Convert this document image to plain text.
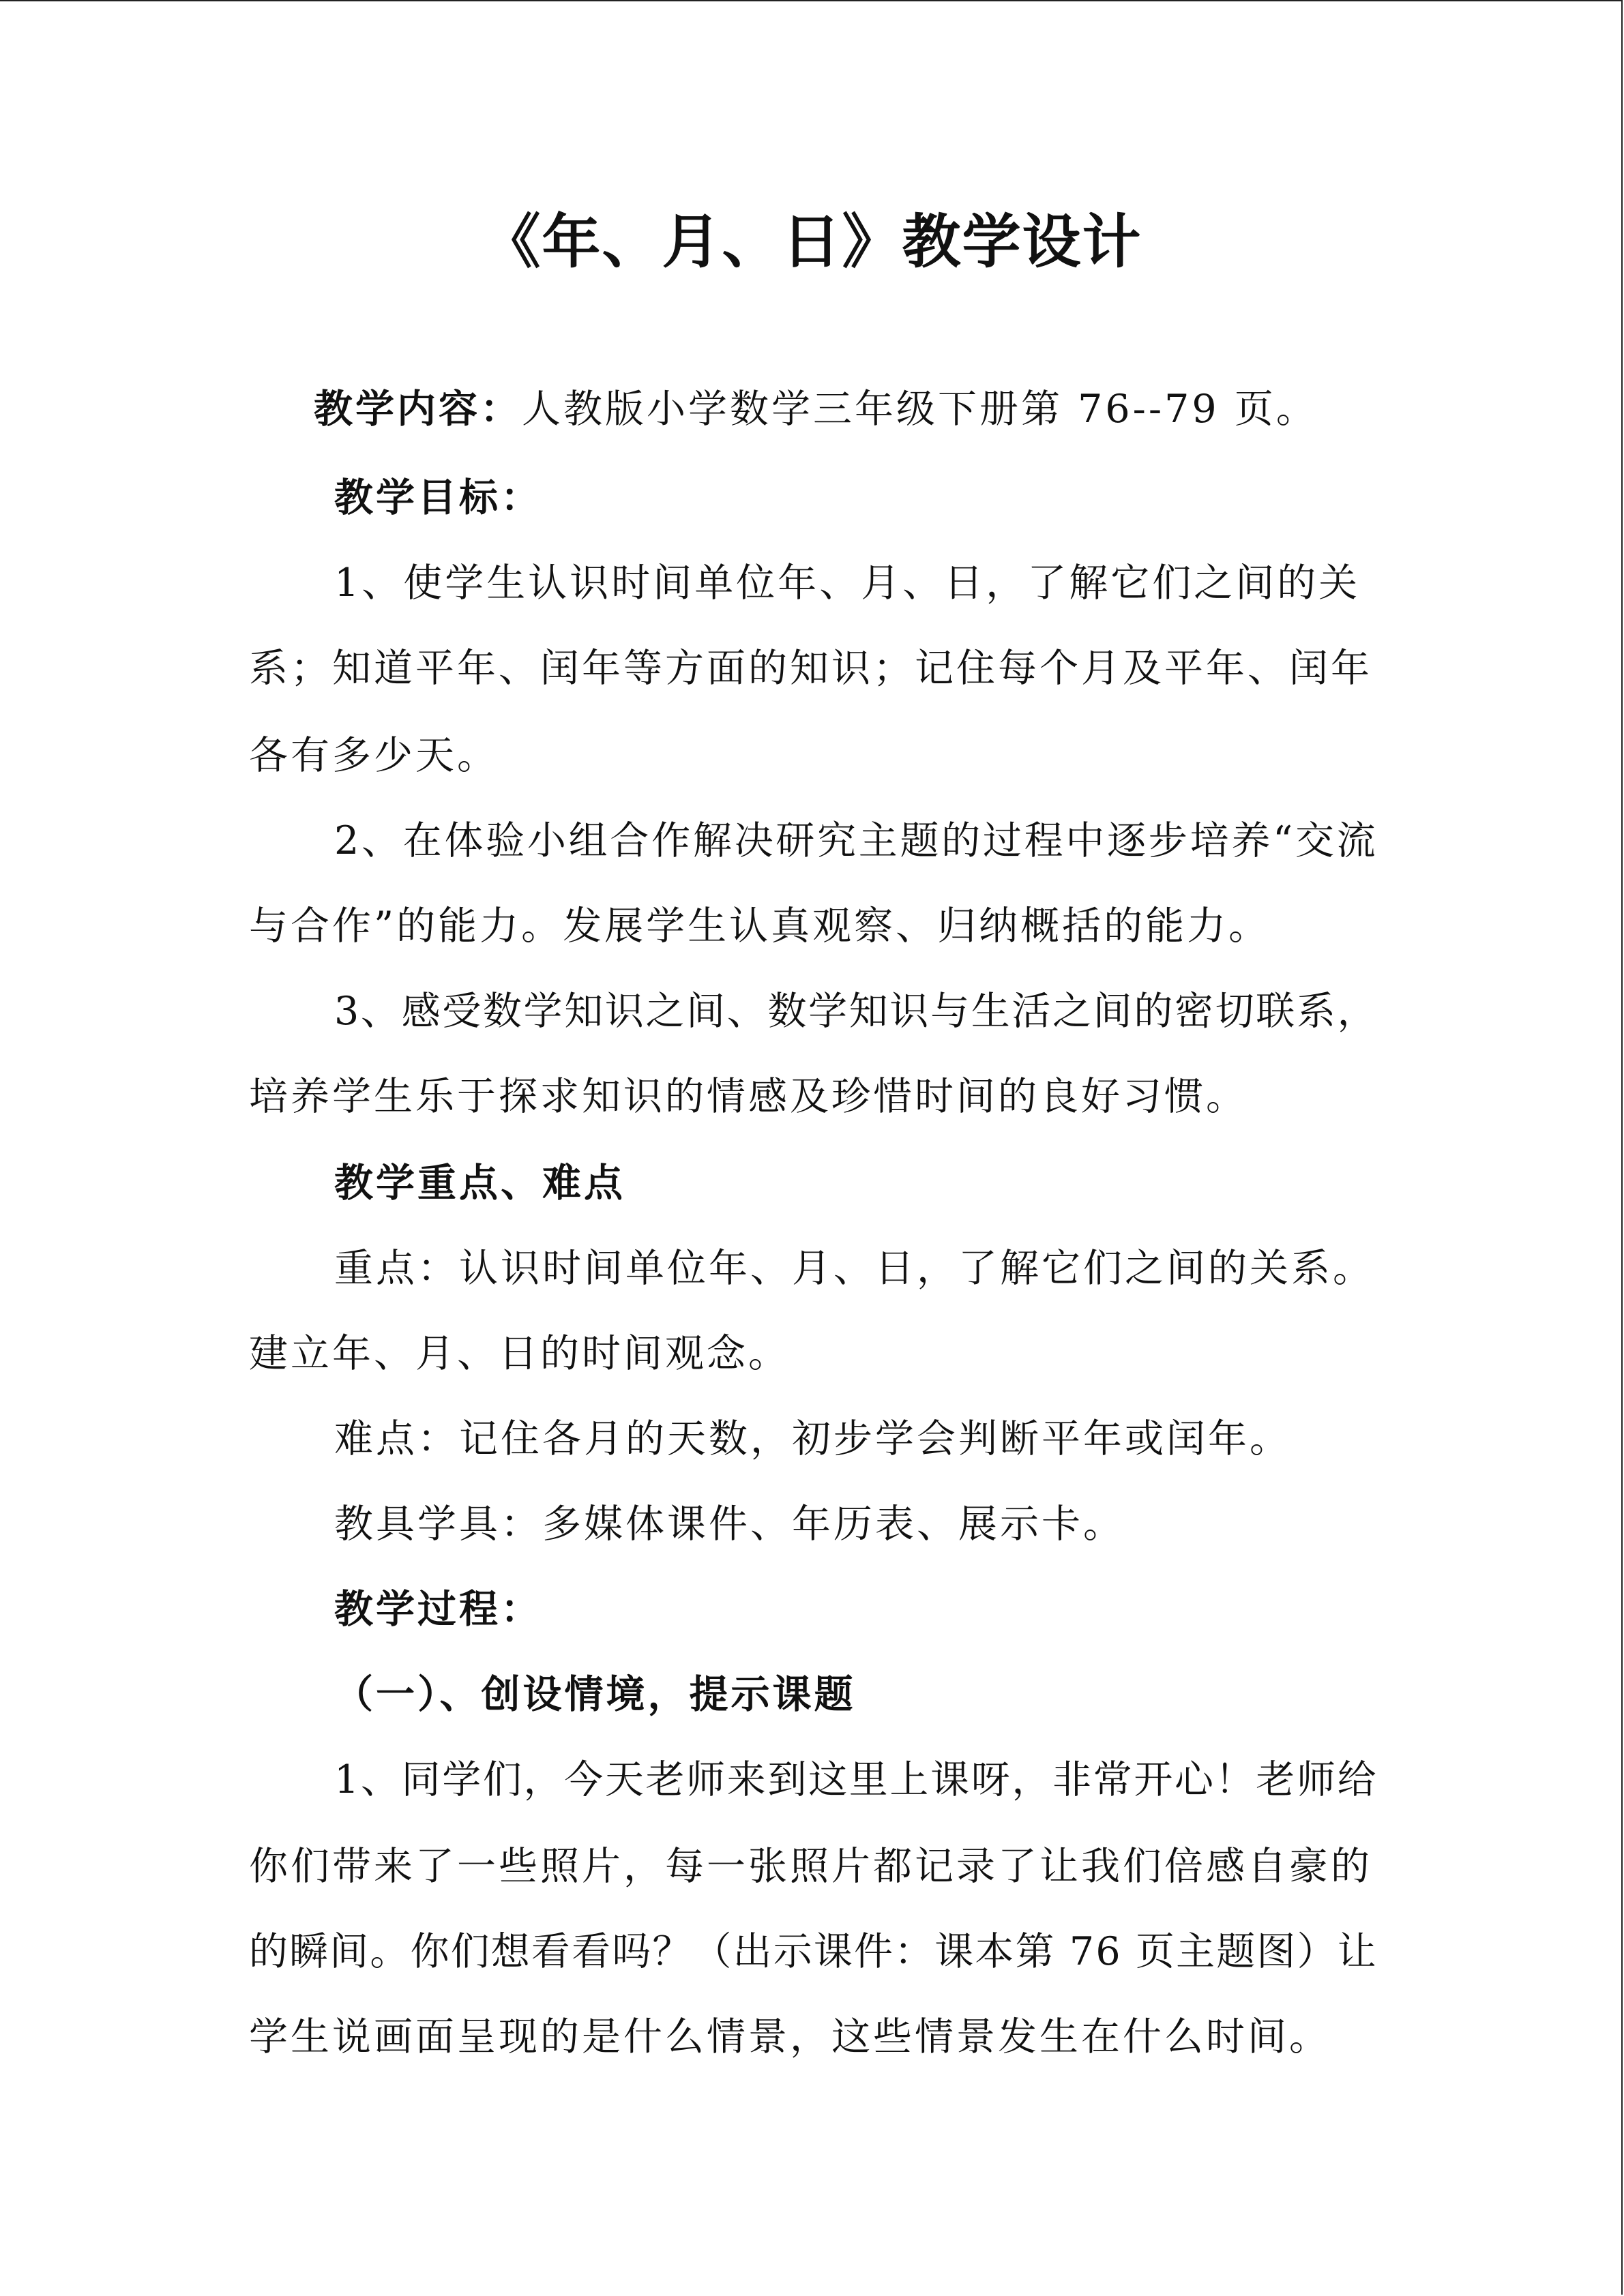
《年、月、日》教学设计
教学内容：人教版小学数学三年级下册第 76--79 页。
教学目标：
1、使学生认识时间单位年、月、日，了解它们之间的关
系；知道平年、闰年等方面的知识；记住每个月及平年、闰年
各有多少天。
2、在体验小组合作解决研究主题的过程中逐步培养“交流
与合作”的能力。发展学生认真观察、归纳概括的能力。
3、感受数学知识之间、数学知识与生活之间的密切联系，
培养学生乐于探求知识的情感及珍惜时间的良好习惯。
教学重点、难点
重点：认识时间单位年、月、日，了解它们之间的关系。
建立年、月、日的时间观念。
难点：记住各月的天数，初步学会判断平年或闰年。
教具学具：多媒体课件、年历表、展示卡。
教学过程：
（一）、创设情境，提示课题
1、同学们，今天老师来到这里上课呀，非常开心！老师给
你们带来了一些照片，每一张照片都记录了让我们倍感自豪的
的瞬间。你们想看看吗？（出示课件：课本第 76 页主题图）让
学生说画面呈现的是什么情景，这些情景发生在什么时间。
